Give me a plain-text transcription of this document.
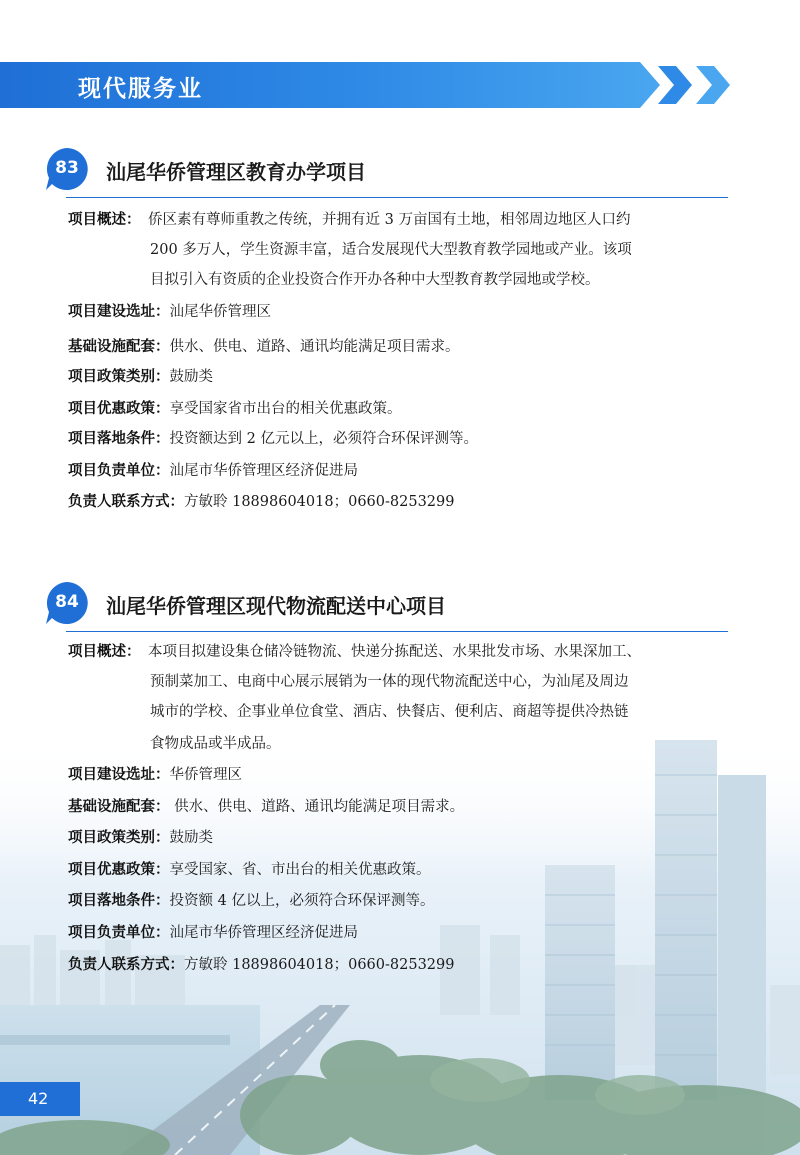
现代服务业
83	汕尾华侨管理区教育办学项目
项目概述： 侨区素有尊师重教之传统，并拥有近 3 万亩国有土地，相邻周边地区人口约
200 多万人，学生资源丰富，适合发展现代大型教育教学园地或产业。该项
目拟引入有资质的企业投资合作开办各种中大型教育教学园地或学校。
项目建设选址：汕尾华侨管理区
基础设施配套：供水、供电、道路、通讯均能满足项目需求。
项目政策类别：鼓励类
项目优惠政策：享受国家省市出台的相关优惠政策。
项目落地条件：投资额达到 2 亿元以上，必须符合环保评测等。
项目负责单位：汕尾市华侨管理区经济促进局
负责人联系方式：方敏聆 18898604018；0660-8253299
84	汕尾华侨管理区现代物流配送中心项目
项目概述： 本项目拟建设集仓储冷链物流、快递分拣配送、水果批发市场、水果深加工、
预制菜加工、电商中心展示展销为一体的现代物流配送中心，为汕尾及周边
城市的学校、企事业单位食堂、酒店、快餐店、便利店、商超等提供冷热链
食物成品或半成品。
项目建设选址：华侨管理区
基础设施配套： 供水、供电、道路、通讯均能满足项目需求。
项目政策类别：鼓励类
项目优惠政策：享受国家、省、市出台的相关优惠政策。
项目落地条件：投资额 4 亿以上，必须符合环保评测等。
项目负责单位：汕尾市华侨管理区经济促进局
负责人联系方式：方敏聆 18898604018；0660-8253299
42
